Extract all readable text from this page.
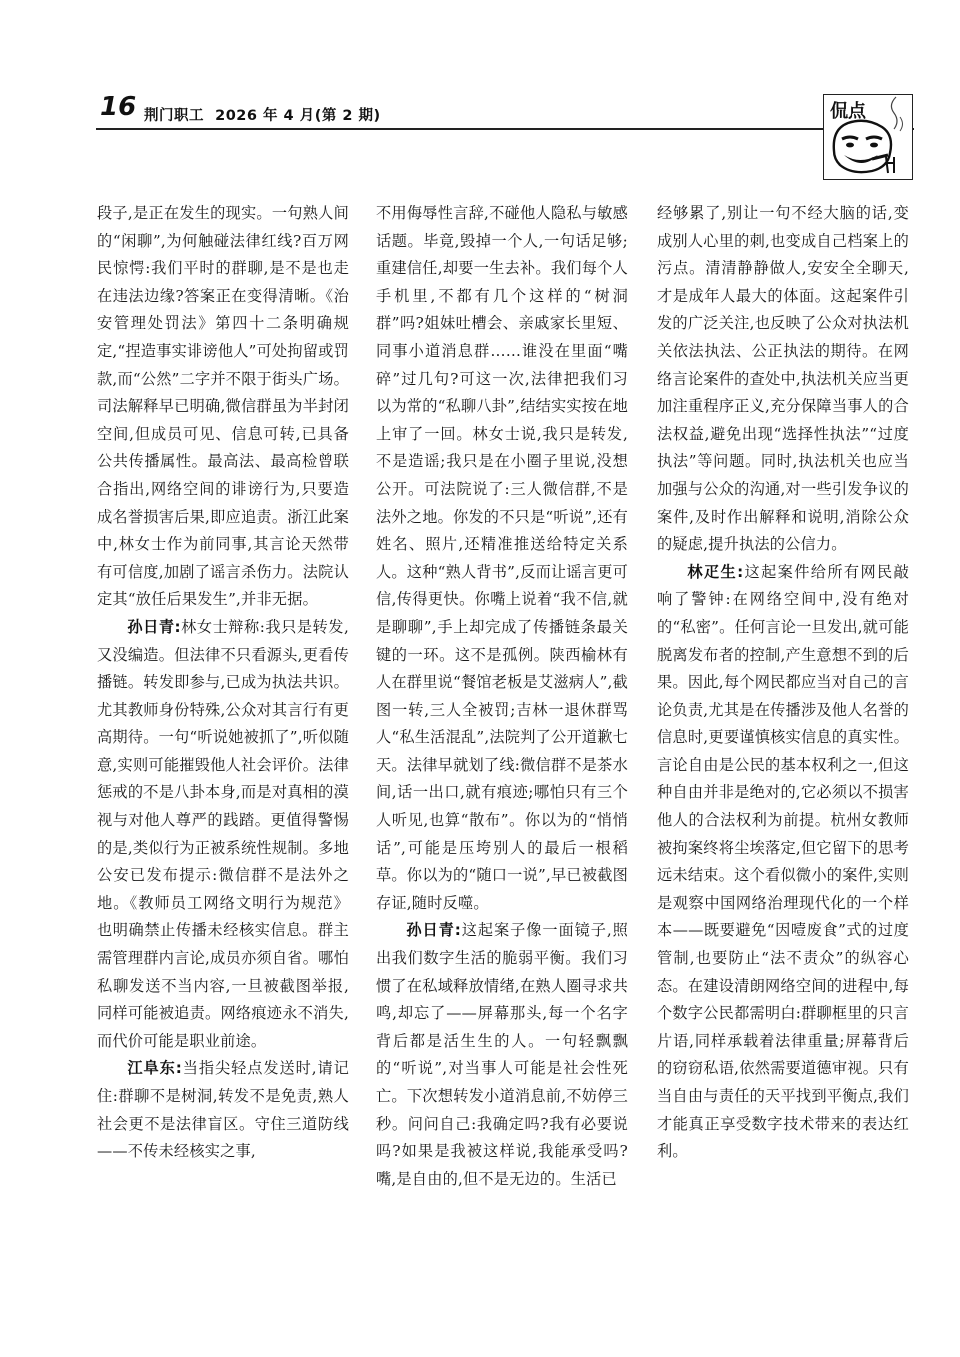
16 荆门职工 2026 年 4 月(第 2 期)	侃点

段子,是正在发生的现实。一句熟人间的“闲聊”,为何触碰法律红线?百万网民惊愕:我们平时的群聊,是不是也走在违法边缘?答案正在变得清晰。《治安管理处罚法》第四十二条明确规定,“捏造事实诽谤他人”可处拘留或罚款,而“公然”二字并不限于街头广场。司法解释早已明确,微信群虽为半封闭空间,但成员可见、信息可转,已具备公共传播属性。最高法、最高检曾联合指出,网络空间的诽谤行为,只要造成名誉损害后果,即应追责。浙江此案中,林女士作为前同事,其言论天然带有可信度,加剧了谣言杀伤力。法院认定其“放任后果发生”,并非无据。

孙日青:林女士辩称:我只是转发,又没编造。但法律不只看源头,更看传播链。转发即参与,已成为执法共识。尤其教师身份特殊,公众对其言行有更高期待。一句“听说她被抓了”,听似随意,实则可能摧毁他人社会评价。法律惩戒的不是八卦本身,而是对真相的漠视与对他人尊严的践踏。更值得警惕的是,类似行为正被系统性规制。多地公安已发布提示:微信群不是法外之地。《教师员工网络文明行为规范》也明确禁止传播未经核实信息。群主需管理群内言论,成员亦须自省。哪怕私聊发送不当内容,一旦被截图举报,同样可能被追责。网络痕迹永不消失,而代价可能是职业前途。

江阜东:当指尖轻点发送时,请记住:群聊不是树洞,转发不是免责,熟人社会更不是法律盲区。守住三道防线——不传未经核实之事,

不用侮辱性言辞,不碰他人隐私与敏感话题。毕竟,毁掉一个人,一句话足够;重建信任,却要一生去补。我们每个人手机里,不都有几个这样的“树洞群”吗?姐妹吐槽会、亲戚家长里短、同事小道消息群……谁没在里面“嘴碎”过几句?可这一次,法律把我们习以为常的“私聊八卦”,结结实实按在地上审了一回。林女士说,我只是转发,不是造谣;我只是在小圈子里说,没想公开。可法院说了:三人微信群,不是法外之地。你发的不只是“听说”,还有姓名、照片,还精准推送给特定关系人。这种“熟人背书”,反而让谣言更可信,传得更快。你嘴上说着“我不信,就是聊聊”,手上却完成了传播链条最关键的一环。这不是孤例。陕西榆林有人在群里说“餐馆老板是艾滋病人”,截图一转,三人全被罚;吉林一退休群骂人“私生活混乱”,法院判了公开道歉七天。法律早就划了线:微信群不是茶水间,话一出口,就有痕迹;哪怕只有三个人听见,也算“散布”。你以为的“悄悄话”,可能是压垮别人的最后一根稻草。你以为的“随口一说”,早已被截图存证,随时反噬。

孙日青:这起案子像一面镜子,照出我们数字生活的脆弱平衡。我们习惯了在私域释放情绪,在熟人圈寻求共鸣,却忘了——屏幕那头,每一个名字背后都是活生生的人。一句轻飘飘的“听说”,对当事人可能是社会性死亡。下次想转发小道消息前,不妨停三秒。问问自己:我确定吗?我有必要说吗?如果是我被这样说,我能承受吗?嘴,是自由的,但不是无边的。生活已

经够累了,别让一句不经大脑的话,变成别人心里的刺,也变成自己档案上的污点。清清静静做人,安安全全聊天,才是成年人最大的体面。这起案件引发的广泛关注,也反映了公众对执法机关依法执法、公正执法的期待。在网络言论案件的查处中,执法机关应当更加注重程序正义,充分保障当事人的合法权益,避免出现“选择性执法”“过度执法”等问题。同时,执法机关也应当加强与公众的沟通,对一些引发争议的案件,及时作出解释和说明,消除公众的疑虑,提升执法的公信力。

林疋生:这起案件给所有网民敲响了警钟:在网络空间中,没有绝对的“私密”。任何言论一旦发出,就可能脱离发布者的控制,产生意想不到的后果。因此,每个网民都应当对自己的言论负责,尤其是在传播涉及他人名誉的信息时,更要谨慎核实信息的真实性。言论自由是公民的基本权利之一,但这种自由并非是绝对的,它必须以不损害他人的合法权利为前提。杭州女教师被拘案终将尘埃落定,但它留下的思考远未结束。这个看似微小的案件,实则是观察中国网络治理现代化的一个样本——既要避免“因噎废食”式的过度管制,也要防止“法不责众”的纵容心态。在建设清朗网络空间的进程中,每个数字公民都需明白:群聊框里的只言片语,同样承载着法律重量;屏幕背后的窃窃私语,依然需要道德审视。只有当自由与责任的天平找到平衡点,我们才能真正享受数字技术带来的表达红利。
